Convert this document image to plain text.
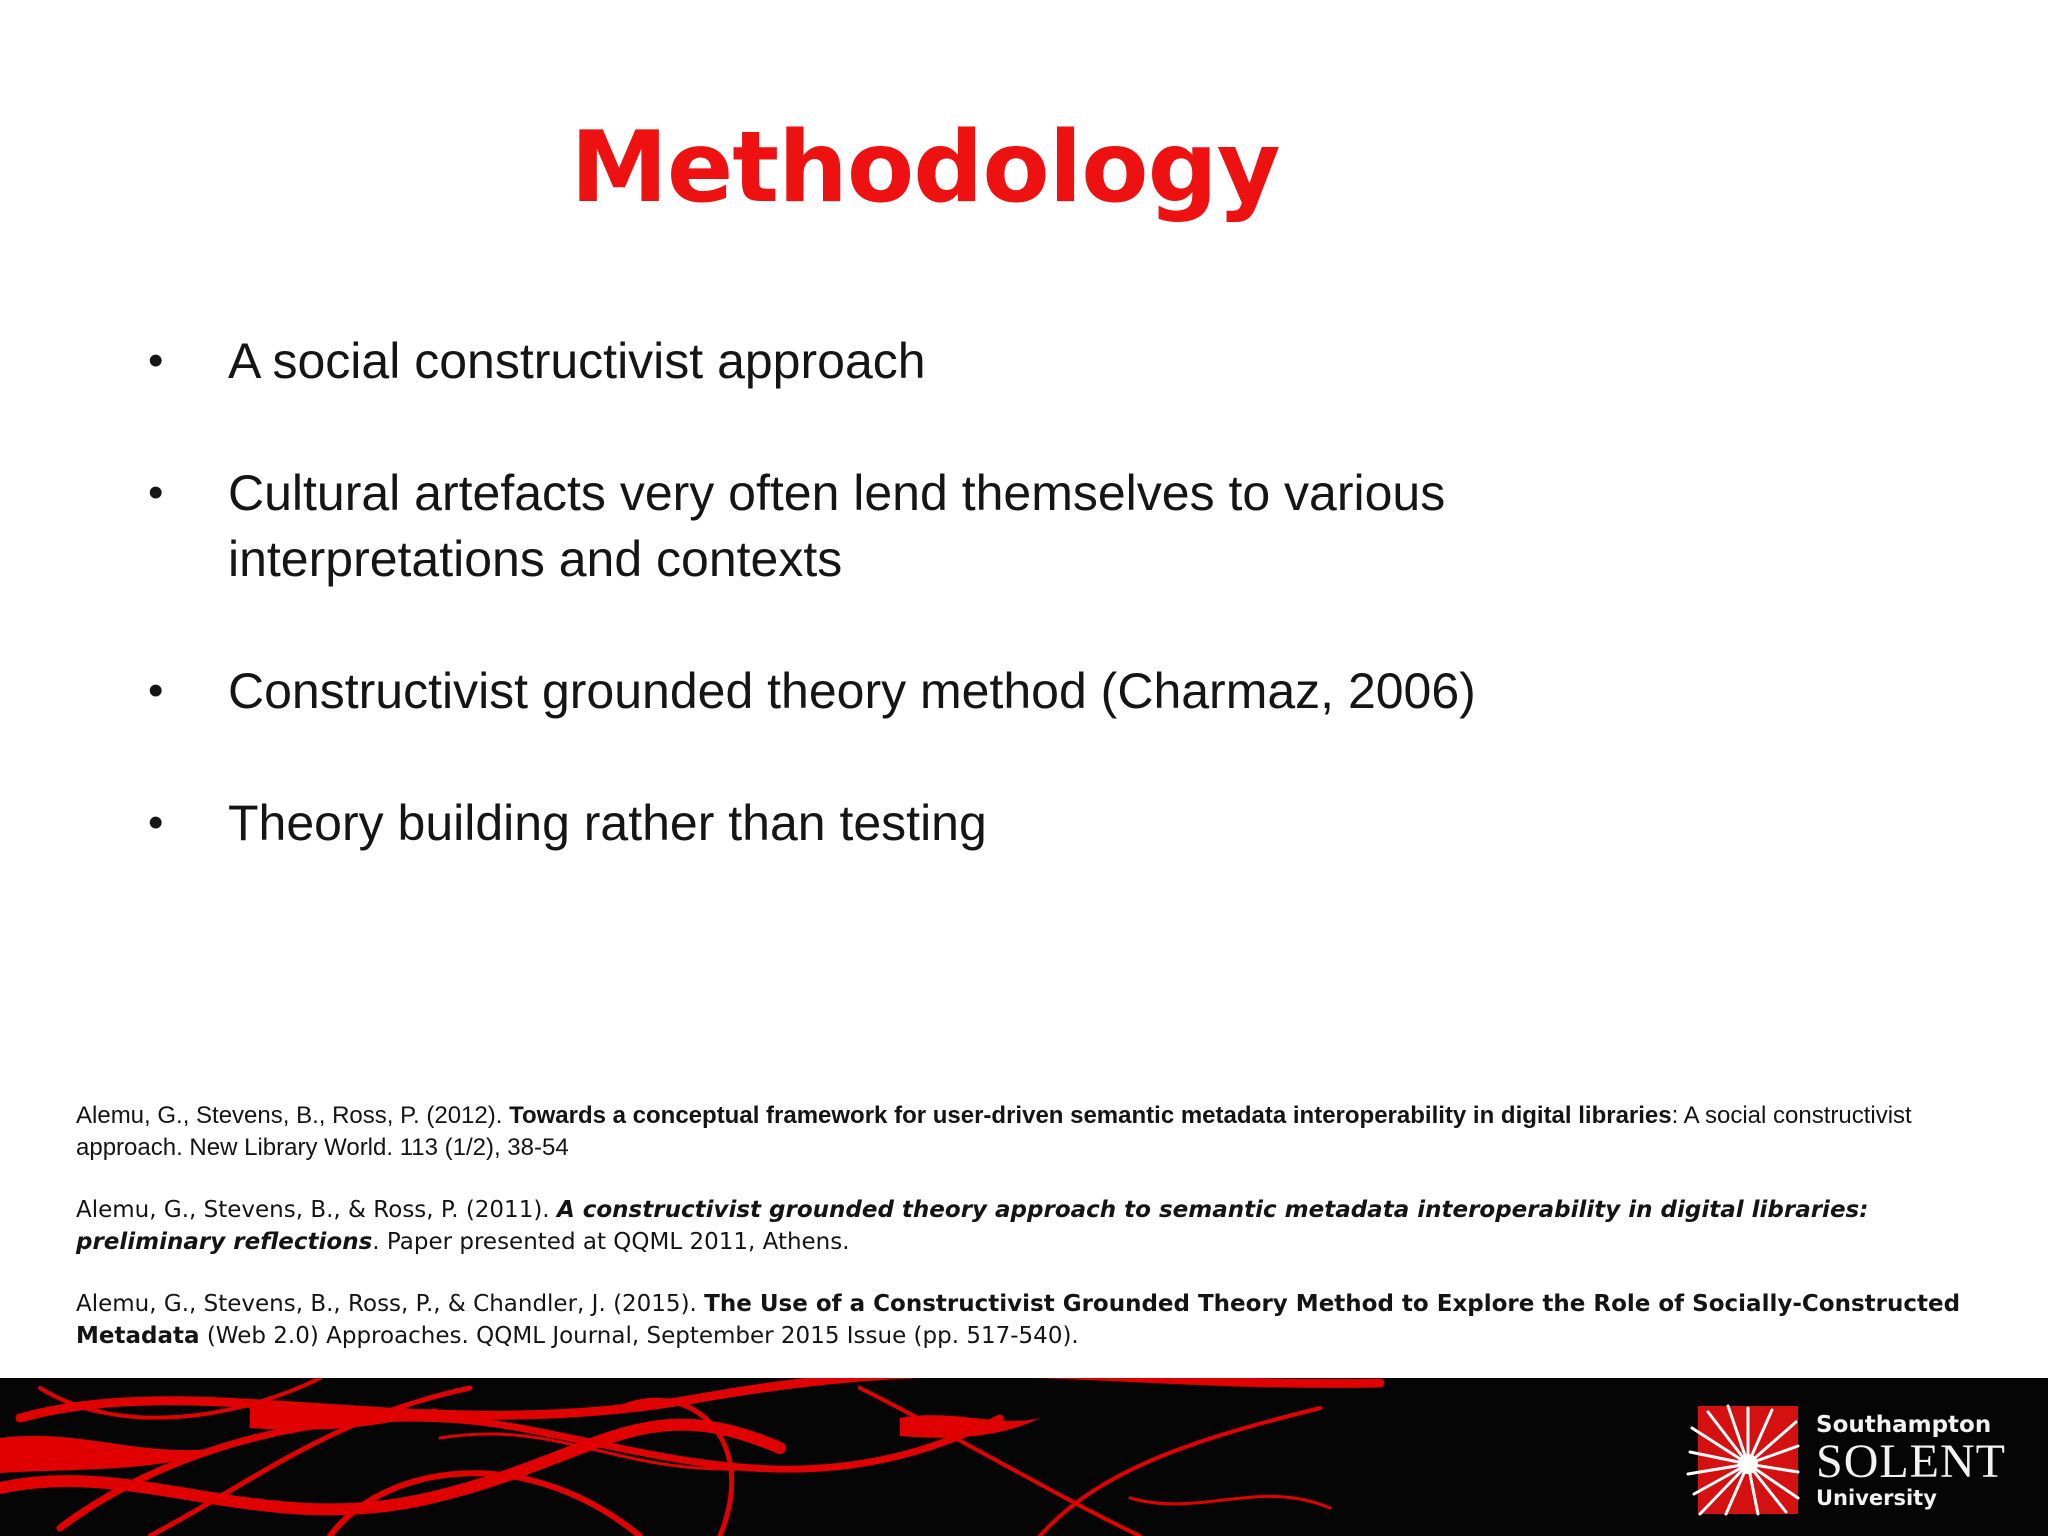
Methodology
• A social constructivist approach
• Cultural artefacts very often lend themselves to various interpretations and contexts
• Constructivist grounded theory method (Charmaz, 2006)
• Theory building rather than testing
Alemu, G., Stevens, B., Ross, P. (2012). Towards a conceptual framework for user-driven semantic metadata interoperability in digital libraries: A social constructivist approach. New Library World. 113 (1/2), 38-54
Alemu, G., Stevens, B., & Ross, P. (2011). A constructivist grounded theory approach to semantic metadata interoperability in digital libraries: preliminary reflections. Paper presented at QQML 2011, Athens.
Alemu, G., Stevens, B., Ross, P., & Chandler, J. (2015). The Use of a Constructivist Grounded Theory Method to Explore the Role of Socially-Constructed Metadata (Web 2.0) Approaches. QQML Journal, September 2015 Issue (pp. 517-540).
Southampton
SOLENT
University
